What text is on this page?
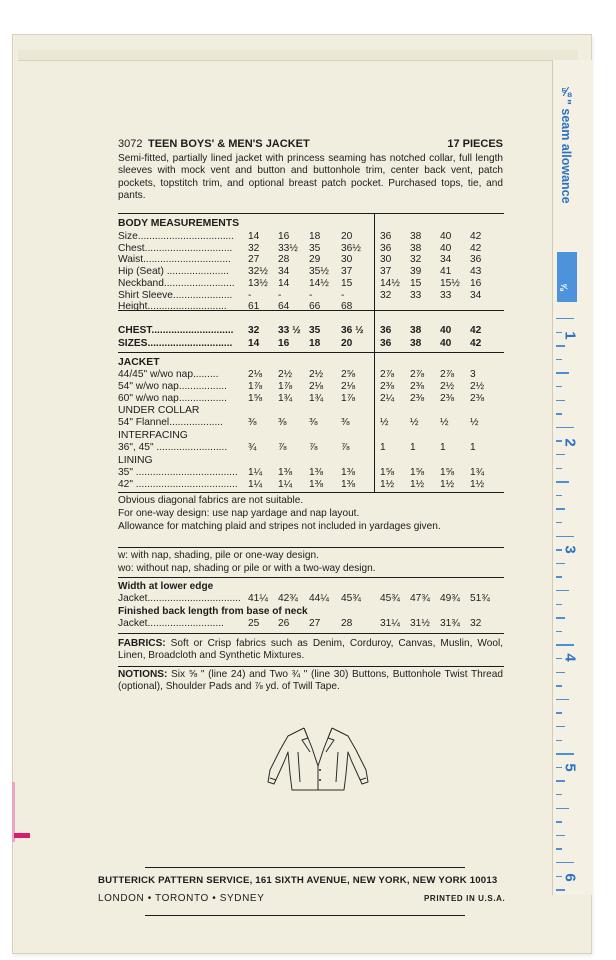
⅝" seam allowance
⅝
1
2
3
4
5
6
3072 TEEN BOYS' & MEN'S JACKET	17 PIECES
Semi-fitted, partially lined jacket with princess seaming has notched collar, full length sleeves with mock vent and button and buttonhole trim, center back vent, patch pockets, topstitch trim, and optional breast patch pocket. Purchased tops, tie, and pants.
BODY MEASUREMENTS
Size.................................. 14	16	18	20	36	38	40	42
Chest............................... 32	33½	35	36½	36	38	40	42
Waist............................... 27	28	29	30	30	32	34	36
Hip (Seat) ...................... 32½ 34	35½	37	37	39	41	43
Neckband......................... 13½ 14	14½	15	14½ 15	15½ 16
Shirt Sleeve..................... -	-	-	-	32	33	33	34
Height............................ 61	64	66	68
CHEST............................. 32	33 ½ 35	36 ½	36	38	40	42
SIZES.............................. 14	16	18	20	36	38	40	42
JACKET
44/45" w/wo nap.........	2⅛	2½	2½	2⅝	2⅞	2⅞	2⅞	3
54" w/wo nap................. 1⅞	1⅞	2⅛	2⅛	2⅜	2⅜	2½	2½
60" w/wo nap................. 1⅝	1¾	1¾	1⅞	2¼	2⅜	2⅜	2⅜
UNDER COLLAR
54" Flannel................... ⅜	⅜	⅜	⅜	½	½	½	½
INTERFACING
36", 45" ......................... ¾	⅞	⅞	⅞	1	1	1	1
LINING
35" .................................... 1¼	1⅜	1⅜	1⅜	1⅝	1⅝	1⅝	1¾
42" .................................... 1¼	1¼	1⅜	1⅜	1½	1½	1½	1½
Obvious diagonal fabrics are not suitable.
For one-way design: use nap yardage and nap layout.
Allowance for matching plaid and stripes not included in yardages given.
w: with nap, shading, pile or one-way design.
wo: without nap, shading or pile or with a two-way design.
Width at lower edge
Jacket................................. 41¼ 42¾	44¼	45¾	45¾ 47¾ 49¾ 51¾
Finished back length from base of neck
Jacket........................... 25	26	27	28	31¼ 31½ 31¾ 32
FABRICS: Soft or Crisp fabrics such as Denim, Corduroy, Canvas, Muslin, Wool, Linen, Broadcloth and Synthetic Mixtures.
NOTIONS: Six ⅝ " (line 24) and Two ¾ " (line 30) Buttons, Buttonhole Twist Thread (optional), Shoulder Pads and ⅞ yd. of Twill Tape.
BUTTERICK PATTERN SERVICE, 161 SIXTH AVENUE, NEW YORK, NEW YORK 10013
LONDON • TORONTO • SYDNEY	PRINTED IN U.S.A.
